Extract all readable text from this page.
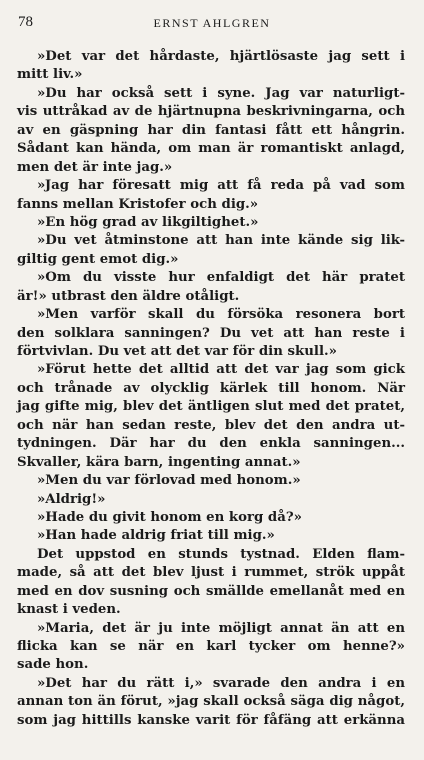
78	ERNST AHLGREN
»Det var det hårdaste, hjärtlösaste jag sett i
mitt liv.»
»Du har också sett i syne. Jag var naturligt-
vis uttråkad av de hjärtnupna beskrivningarna, och
av en gäspning har din fantasi fått ett hångrin.
Sådant kan hända, om man är romantiskt anlagd,
men det är inte jag.»
»Jag har föresatt mig att få reda på vad som
fanns mellan Kristofer och dig.»
»En hög grad av likgiltighet.»
»Du vet åtminstone att han inte kände sig lik-
giltig gent emot dig.»
»Om du visste hur enfaldigt det här pratet
är!» utbrast den äldre otåligt.
»Men varför skall du försöka resonera bort
den solklara sanningen? Du vet att han reste i
förtvivlan. Du vet att det var för din skull.»
»Förut hette det alltid att det var jag som gick
och trånade av olycklig kärlek till honom. När
jag gifte mig, blev det äntligen slut med det pratet,
och när han sedan reste, blev det den andra ut-
tydningen. Där har du den enkla sanningen...
Skvaller, kära barn, ingenting annat.»
»Men du var förlovad med honom.»
»Aldrig!»
»Hade du givit honom en korg då?»
»Han hade aldrig friat till mig.»
Det uppstod en stunds tystnad. Elden flam-
made, så att det blev ljust i rummet, strök uppåt
med en dov susning och smällde emellanåt med en
knast i veden.
»Maria, det är ju inte möjligt annat än att en
flicka kan se när en karl tycker om henne?»
sade hon.
»Det har du rätt i,» svarade den andra i en
annan ton än förut, »jag skall också säga dig något,
som jag hittills kanske varit för fåfäng att erkänna
